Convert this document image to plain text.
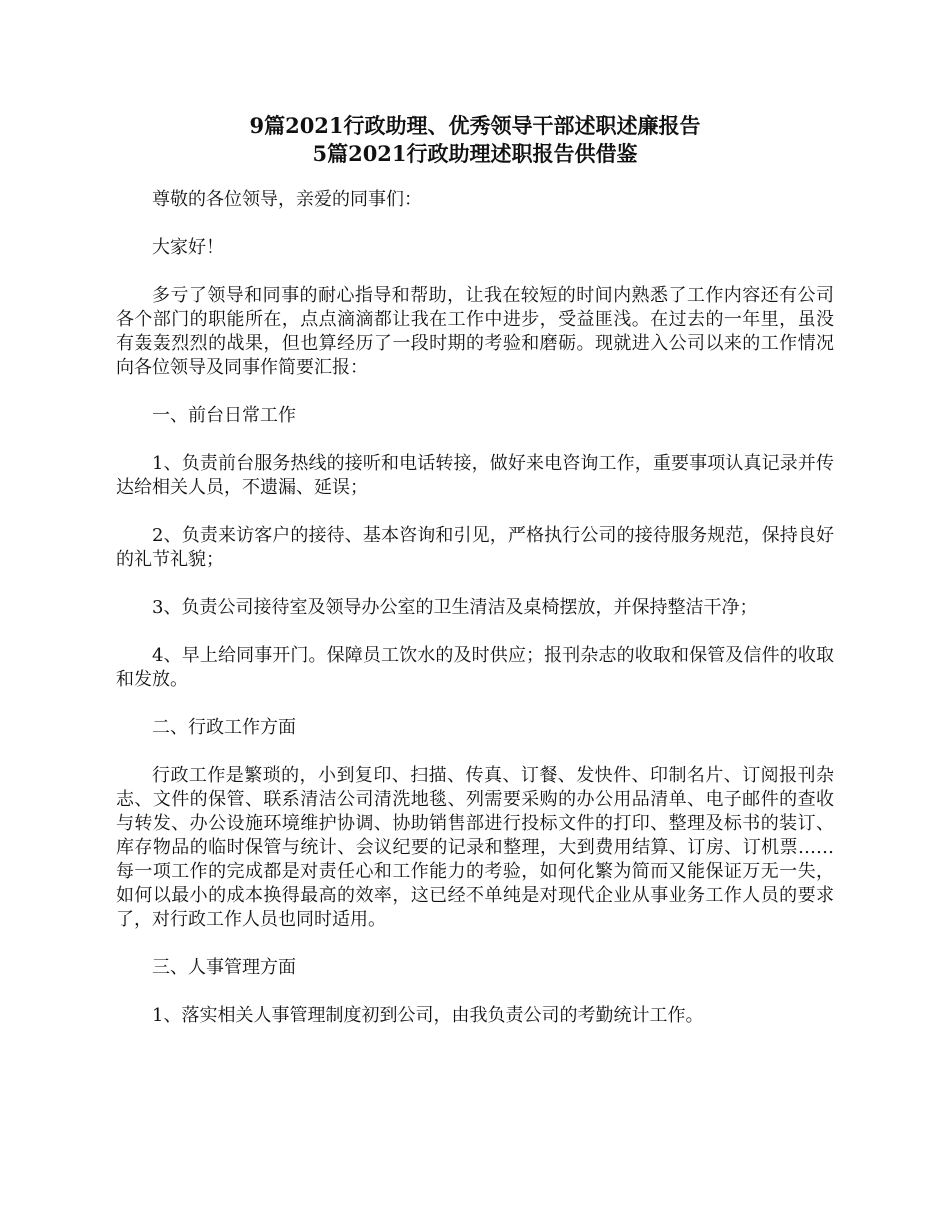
9篇2021行政助理、优秀领导干部述职述廉报告
5篇2021行政助理述职报告供借鉴

尊敬的各位领导，亲爱的同事们：

大家好！

多亏了领导和同事的耐心指导和帮助，让我在较短的时间内熟悉了工作内容还有公司各个部门的职能所在，点点滴滴都让我在工作中进步，受益匪浅。在过去的一年里，虽没有轰轰烈烈的战果，但也算经历了一段时期的考验和磨砺。现就进入公司以来的工作情况向各位领导及同事作简要汇报：

一、前台日常工作

1、负责前台服务热线的接听和电话转接，做好来电咨询工作，重要事项认真记录并传达给相关人员，不遗漏、延误；

2、负责来访客户的接待、基本咨询和引见，严格执行公司的接待服务规范，保持良好的礼节礼貌；

3、负责公司接待室及领导办公室的卫生清洁及桌椅摆放，并保持整洁干净；

4、早上给同事开门。保障员工饮水的及时供应；报刊杂志的收取和保管及信件的收取和发放。

二、行政工作方面

行政工作是繁琐的，小到复印、扫描、传真、订餐、发快件、印制名片、订阅报刊杂志、文件的保管、联系清洁公司清洗地毯、列需要采购的办公用品清单、电子邮件的查收与转发、办公设施环境维护协调、协助销售部进行投标文件的打印、整理及标书的装订、库存物品的临时保管与统计、会议纪要的记录和整理，大到费用结算、订房、订机票……每一项工作的完成都是对责任心和工作能力的考验，如何化繁为简而又能保证万无一失，如何以最小的成本换得最高的效率，这已经不单纯是对现代企业从事业务工作人员的要求了，对行政工作人员也同时适用。

三、人事管理方面

1、落实相关人事管理制度初到公司，由我负责公司的考勤统计工作。
